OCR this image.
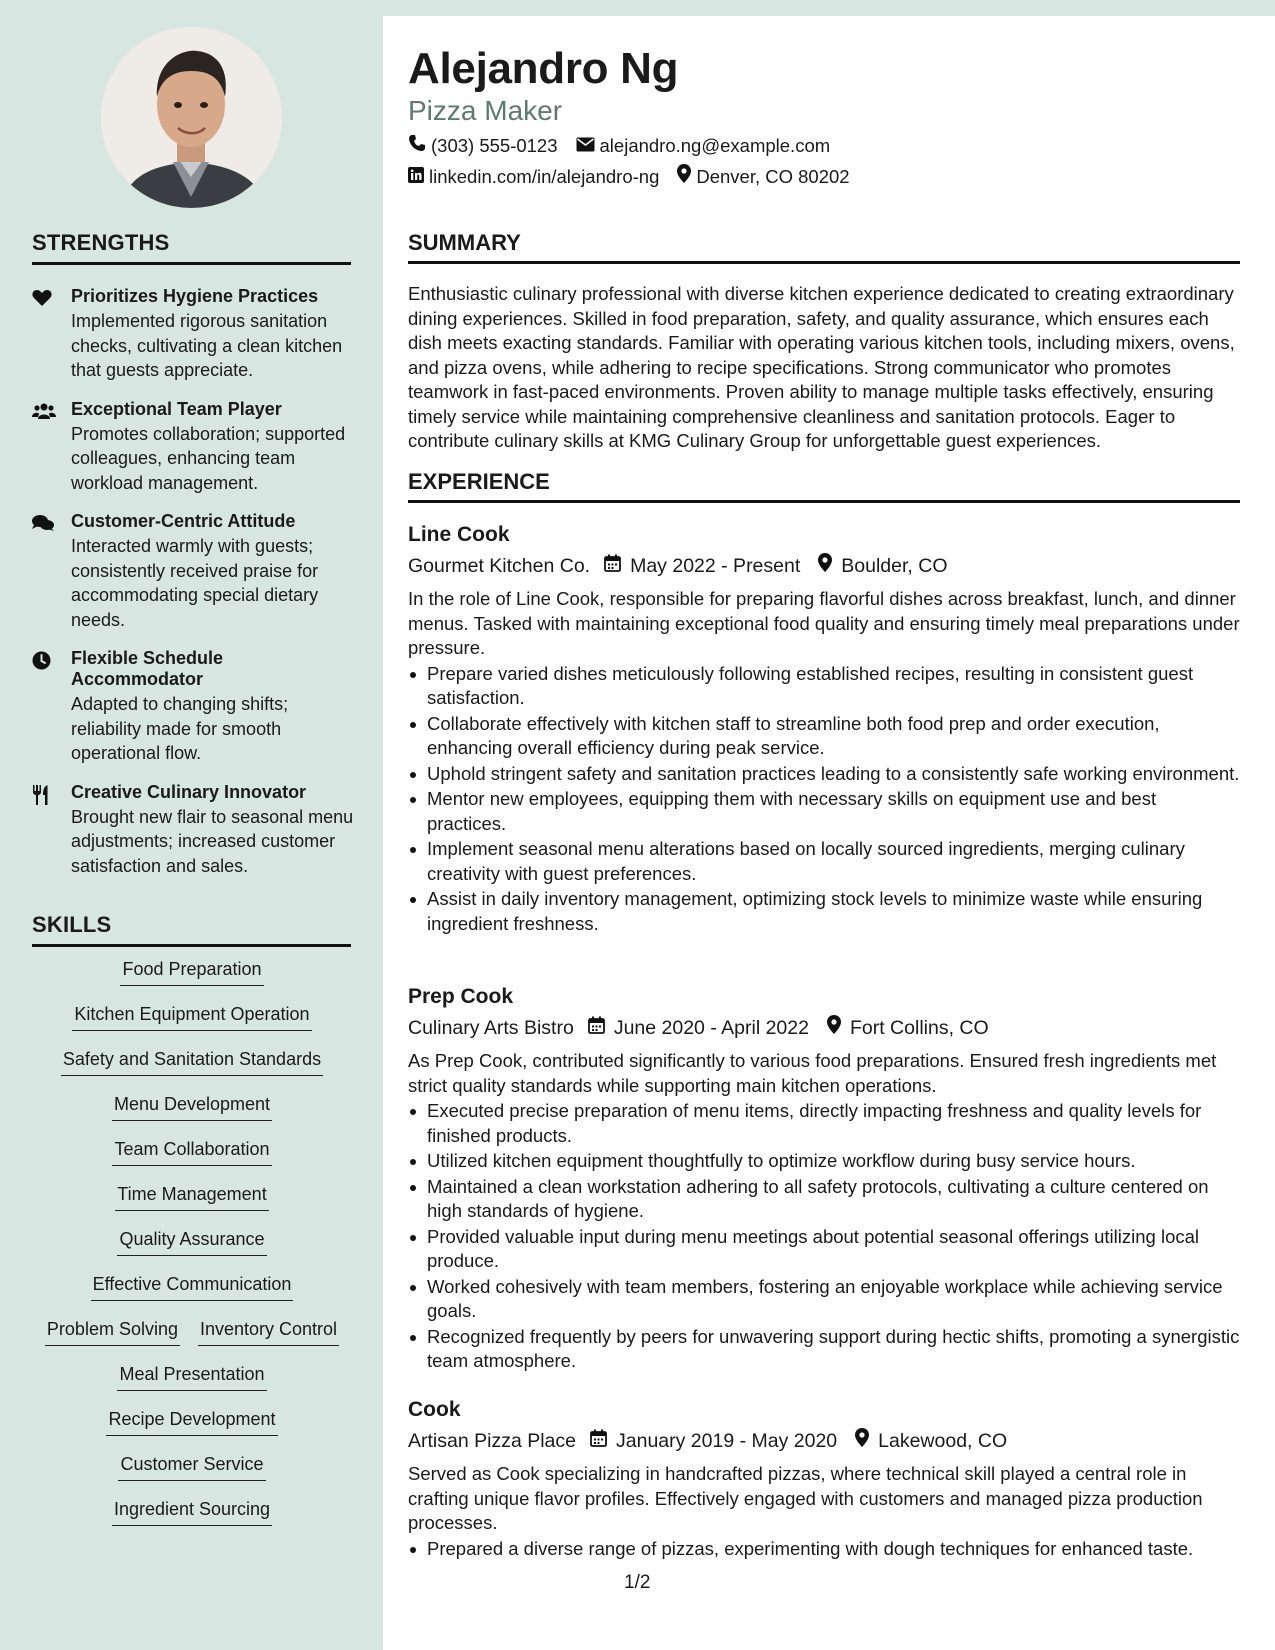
STRENGTHS
Prioritizes Hygiene Practices
Implemented rigorous sanitation checks, cultivating a clean kitchen that guests appreciate.
Exceptional Team Player
Promotes collaboration; supported colleagues, enhancing team workload management.
Customer-Centric Attitude
Interacted warmly with guests; consistently received praise for accommodating special dietary needs.
Flexible Schedule Accommodator
Adapted to changing shifts; reliability made for smooth operational flow.
Creative Culinary Innovator
Brought new flair to seasonal menu adjustments; increased customer satisfaction and sales.
SKILLS
Food Preparation
Kitchen Equipment Operation
Safety and Sanitation Standards
Menu Development
Team Collaboration
Time Management
Quality Assurance
Effective Communication
Problem Solving Inventory Control
Meal Presentation
Recipe Development
Customer Service
Ingredient Sourcing
Alejandro Ng
Pizza Maker
(303) 555-0123 alejandro.ng@example.com
linkedin.com/in/alejandro-ng Denver, CO 80202
SUMMARY
Enthusiastic culinary professional with diverse kitchen experience dedicated to creating extraordinary dining experiences. Skilled in food preparation, safety, and quality assurance, which ensures each dish meets exacting standards. Familiar with operating various kitchen tools, including mixers, ovens, and pizza ovens, while adhering to recipe specifications. Strong communicator who promotes teamwork in fast-paced environments. Proven ability to manage multiple tasks effectively, ensuring timely service while maintaining comprehensive cleanliness and sanitation protocols. Eager to contribute culinary skills at KMG Culinary Group for unforgettable guest experiences.
EXPERIENCE
Line Cook
Gourmet Kitchen Co. May 2022 - Present Boulder, CO
In the role of Line Cook, responsible for preparing flavorful dishes across breakfast, lunch, and dinner menus. Tasked with maintaining exceptional food quality and ensuring timely meal preparations under pressure.
Prepare varied dishes meticulously following established recipes, resulting in consistent guest satisfaction.
Collaborate effectively with kitchen staff to streamline both food prep and order execution, enhancing overall efficiency during peak service.
Uphold stringent safety and sanitation practices leading to a consistently safe working environment.
Mentor new employees, equipping them with necessary skills on equipment use and best practices.
Implement seasonal menu alterations based on locally sourced ingredients, merging culinary creativity with guest preferences.
Assist in daily inventory management, optimizing stock levels to minimize waste while ensuring ingredient freshness.
Prep Cook
Culinary Arts Bistro June 2020 - April 2022 Fort Collins, CO
As Prep Cook, contributed significantly to various food preparations. Ensured fresh ingredients met strict quality standards while supporting main kitchen operations.
Executed precise preparation of menu items, directly impacting freshness and quality levels for finished products.
Utilized kitchen equipment thoughtfully to optimize workflow during busy service hours.
Maintained a clean workstation adhering to all safety protocols, cultivating a culture centered on high standards of hygiene.
Provided valuable input during menu meetings about potential seasonal offerings utilizing local produce.
Worked cohesively with team members, fostering an enjoyable workplace while achieving service goals.
Recognized frequently by peers for unwavering support during hectic shifts, promoting a synergistic team atmosphere.
Cook
Artisan Pizza Place January 2019 - May 2020 Lakewood, CO
Served as Cook specializing in handcrafted pizzas, where technical skill played a central role in crafting unique flavor profiles. Effectively engaged with customers and managed pizza production processes.
Prepared a diverse range of pizzas, experimenting with dough techniques for enhanced taste.
1/2
